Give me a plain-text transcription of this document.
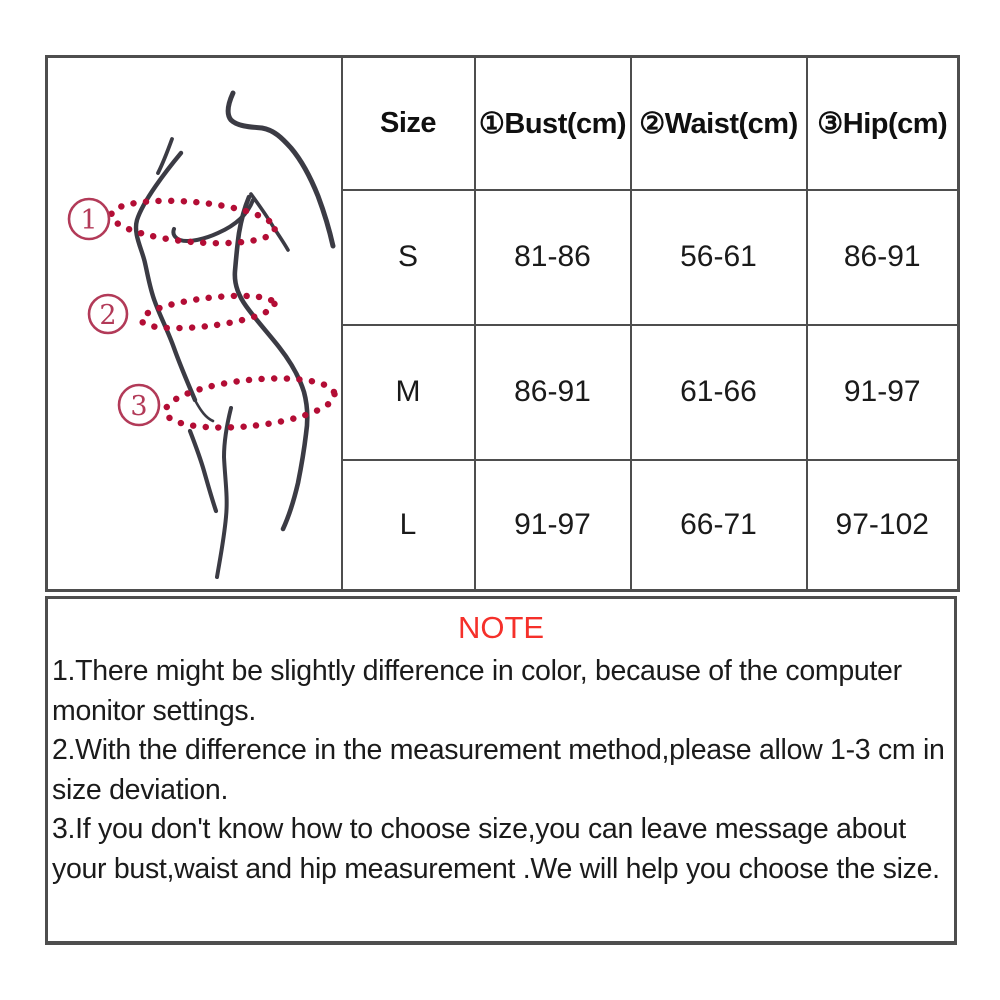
1
2
3	Size	①Bust(cm)	②Waist(cm)	③Hip(cm)
	S	81-86	56-61	86-91
	M	86-91	61-66	91-97
	L	91-97	66-71	97-102
NOTE

1.There might be slightly difference in color, because of the computer monitor settings.

2.With the difference in the measurement method,please allow 1-3 cm in size deviation.

3.If you don't know how to choose size,you can leave message about your bust,waist and hip measurement .We will help you choose the size.
